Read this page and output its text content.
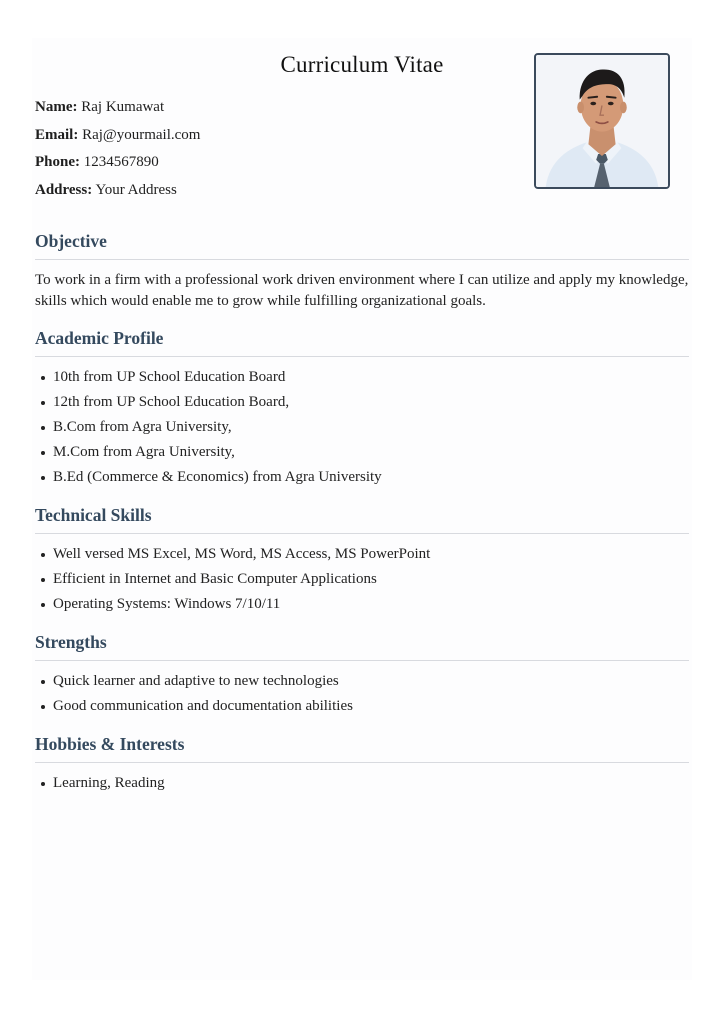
Curriculum Vitae
Name: Raj Kumawat
Email: Raj@yourmail.com
Phone: 1234567890
Address: Your Address
Objective

To work in a firm with a professional work driven environment where I can utilize and apply my knowledge, skills which would enable me to grow while fulfilling organizational goals.

Academic Profile
10th from UP School Education Board
12th from UP School Education Board,
B.Com from Agra University,
M.Com from Agra University,
B.Ed (Commerce & Economics) from Agra University
Technical Skills
Well versed MS Excel, MS Word, MS Access, MS PowerPoint
Efficient in Internet and Basic Computer Applications
Operating Systems: Windows 7/10/11
Strengths
Quick learner and adaptive to new technologies
Good communication and documentation abilities
Hobbies & Interests
Learning, Reading
